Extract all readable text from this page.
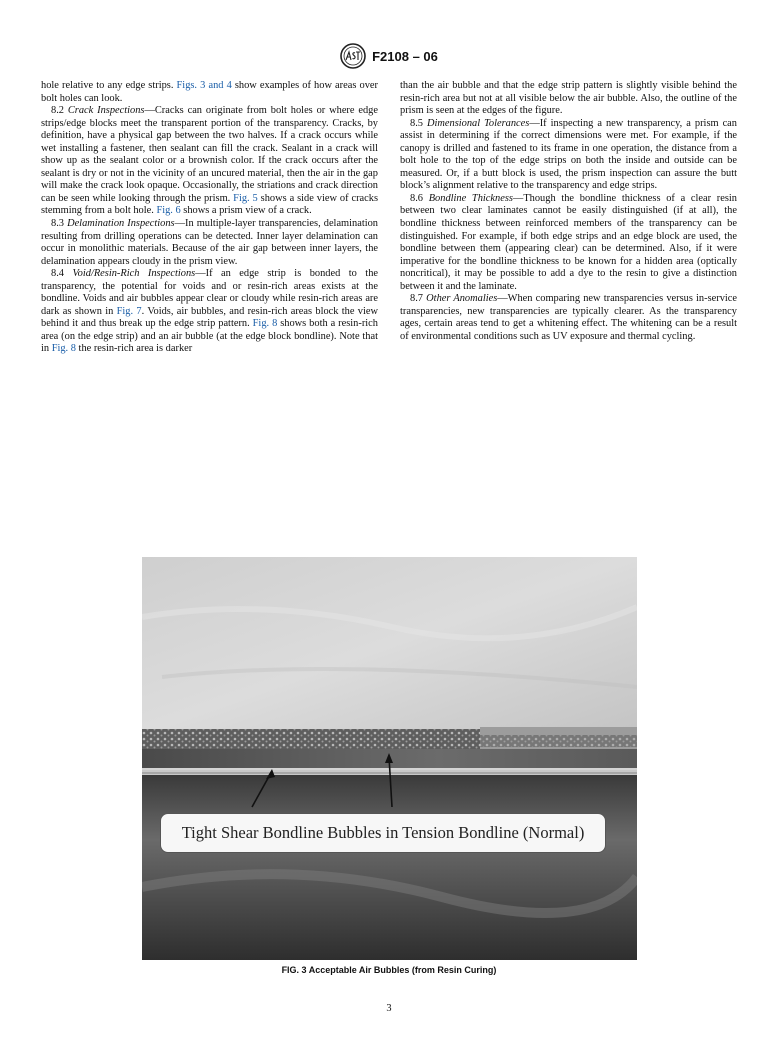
F2108 – 06

hole relative to any edge strips. Figs. 3 and 4 show examples of how areas over bolt holes can look.

8.2 Crack Inspections—Cracks can originate from bolt holes or where edge strips/edge blocks meet the transparent portion of the transparency. Cracks, by definition, have a physical gap between the two halves. If a crack occurs while wet installing a fastener, then sealant can fill the crack. Sealant in a crack will show up as the sealant color or a brownish color. If the crack occurs after the sealant is dry or not in the vicinity of an uncured material, then the air in the gap will make the crack look opaque. Occasionally, the striations and crack direction can be seen while looking through the prism. Fig. 5 shows a side view of cracks stemming from a bolt hole. Fig. 6 shows a prism view of a crack.

8.3 Delamination Inspections—In multiple-layer transparencies, delamination resulting from drilling operations can be detected. Inner layer delamination can occur in monolithic materials. Because of the air gap between inner layers, the delamination appears cloudy in the prism view.

8.4 Void/Resin-Rich Inspections—If an edge strip is bonded to the transparency, the potential for voids and or resin-rich areas exists at the bondline. Voids and air bubbles appear clear or cloudy while resin-rich areas are dark as shown in Fig. 7. Voids, air bubbles, and resin-rich areas block the view behind it and thus break up the edge strip pattern. Fig. 8 shows both a resin-rich area (on the edge strip) and an air bubble (at the edge block bondline). Note that in Fig. 8 the resin-rich area is darker

than the air bubble and that the edge strip pattern is slightly visible behind the resin-rich area but not at all visible below the air bubble. Also, the outline of the prism is seen at the edges of the figure.

8.5 Dimensional Tolerances—If inspecting a new transparency, a prism can assist in determining if the correct dimensions were met. For example, if the canopy is drilled and fastened to its frame in one operation, the distance from a bolt hole to the top of the edge strips on both the inside and outside can be measured. Or, if a butt block is used, the prism inspection can assure the butt block’s alignment relative to the transparency and edge strips.

8.6 Bondline Thickness—Though the bondline thickness of a clear resin between two clear laminates cannot be easily distinguished (if at all), the bondline thickness between reinforced members of the transparency can be distinguished. For example, if both edge strips and an edge block are used, the bondline between them (appearing clear) can be determined. Also, if it were imperative for the bondline thickness to be known for a hidden area (optically noncritical), it may be possible to add a dye to the resin to give a distinction between it and the laminate.

8.7 Other Anomalies—When comparing new transparencies versus in-service transparencies, new transparencies are typically clearer. As the transparency ages, certain areas tend to get a whitening effect. The whitening can be a result of environmental conditions such as UV exposure and thermal cycling.

Tight Shear Bondline Bubbles in Tension Bondline (Normal)
FIG. 3 Acceptable Air Bubbles (from Resin Curing)
3
